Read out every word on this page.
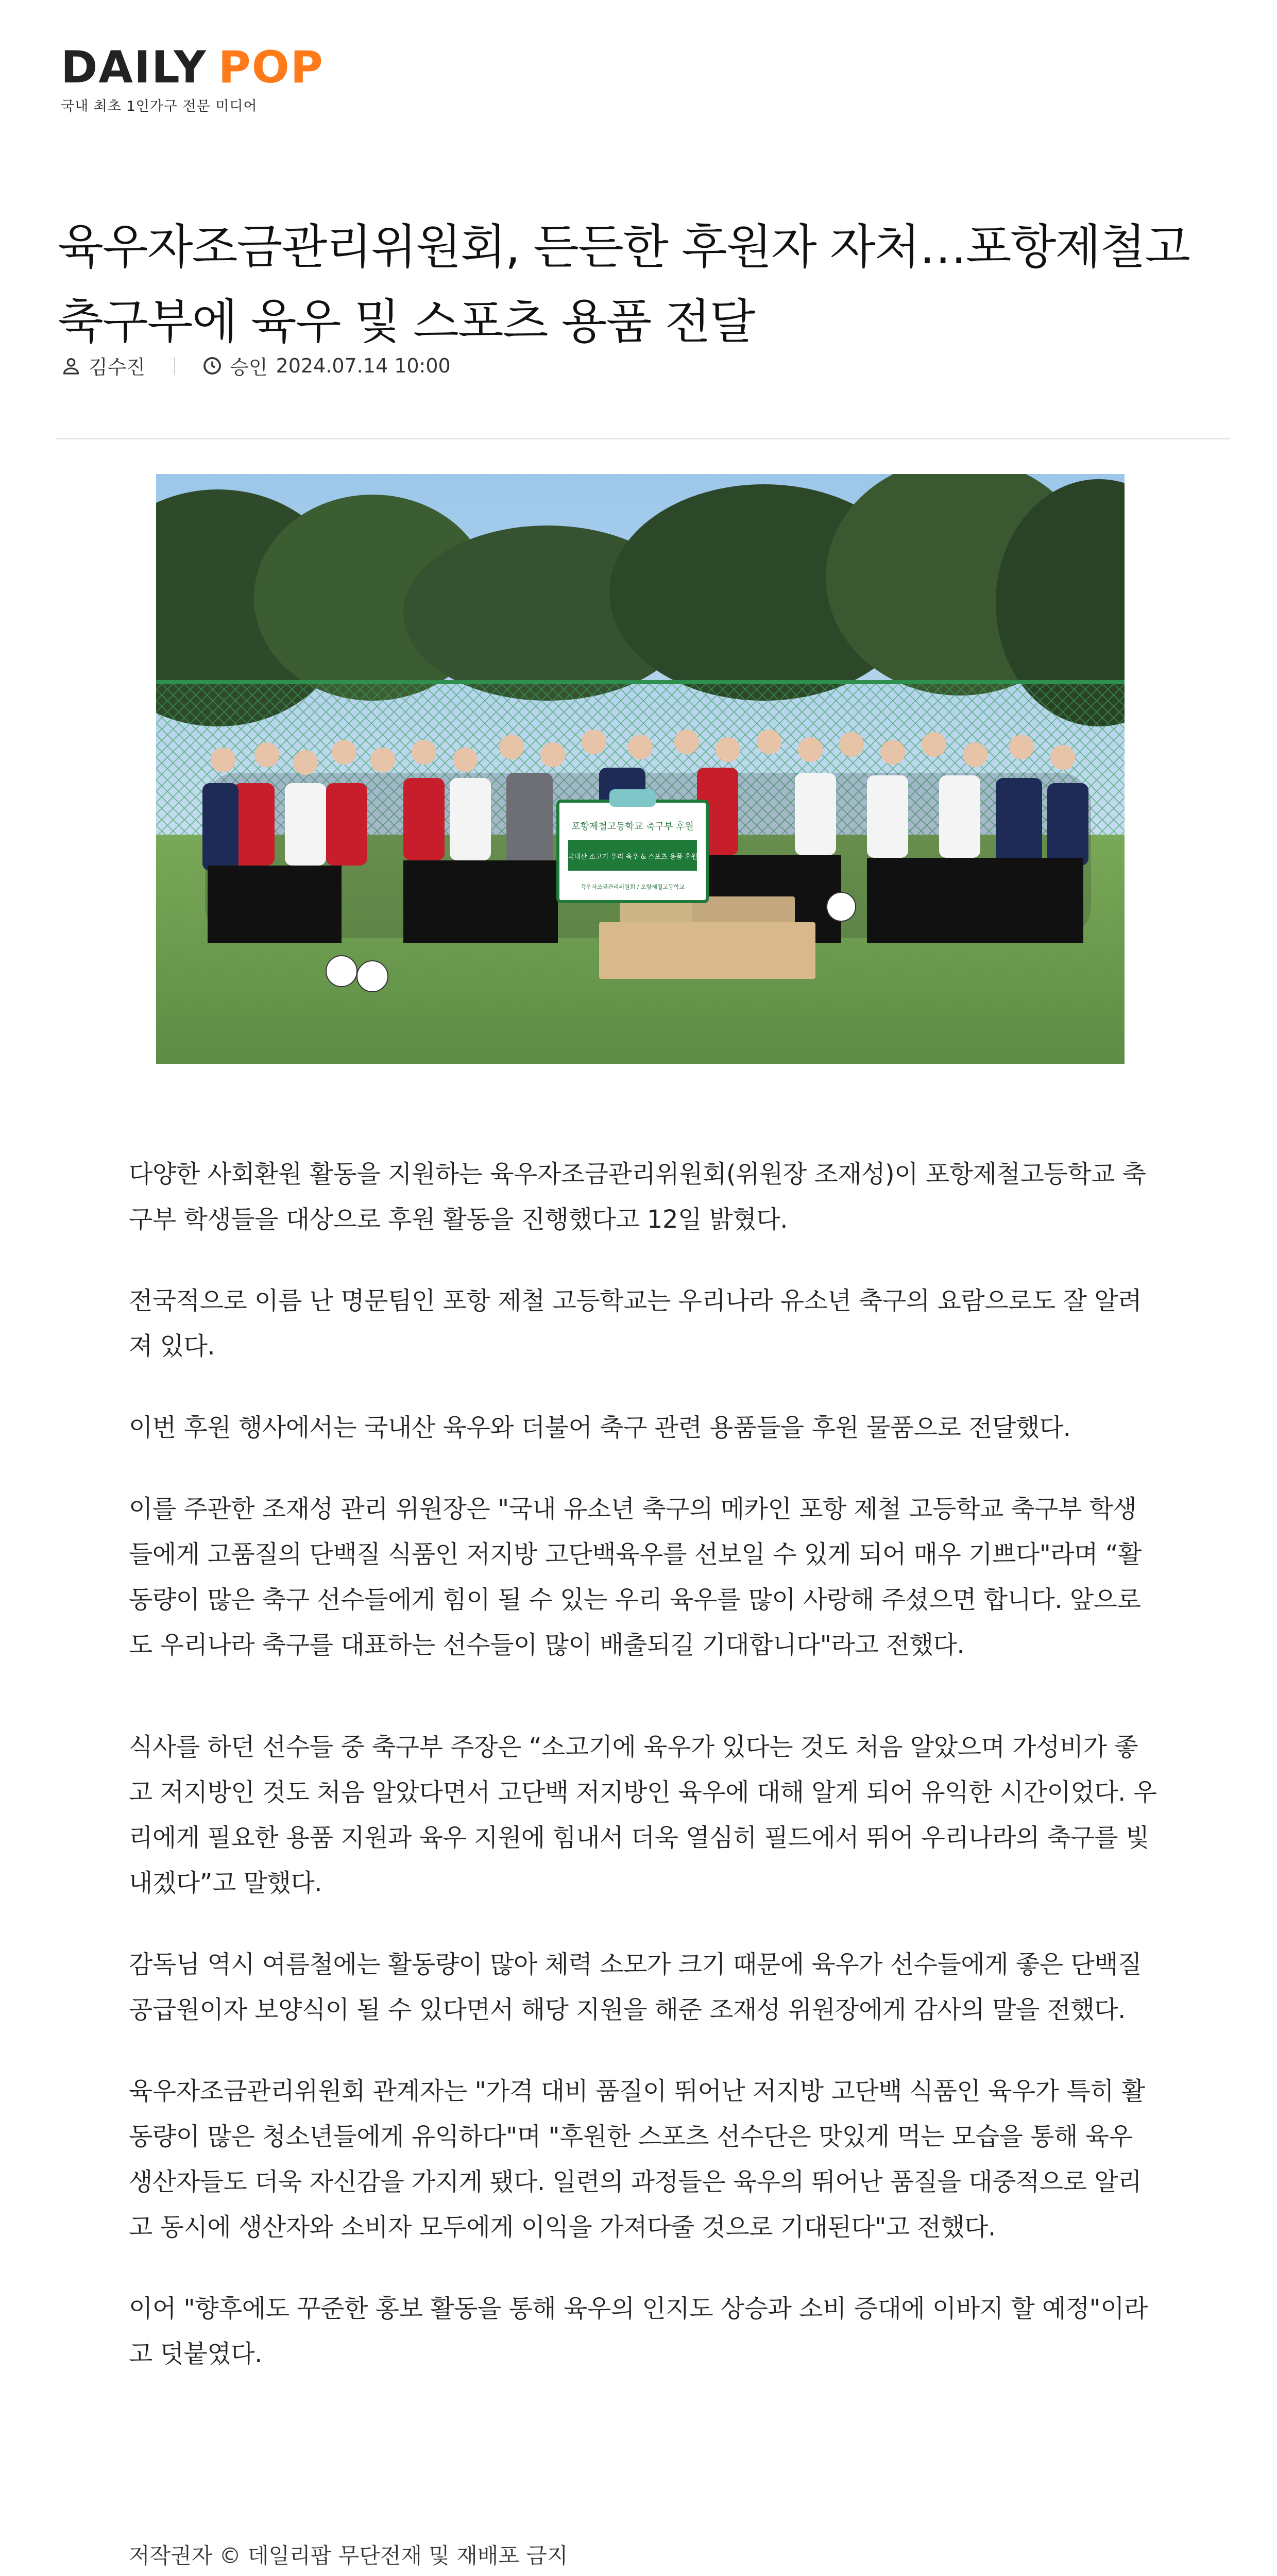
DAILY POP
국내 최초 1인가구 전문 미디어
육우자조금관리위원회, 든든한 후원자 자처…포항제철고 축구부에 육우 및 스포츠 용품 전달
김수진	승인 2024.07.14 10:00
포항제철고등학교 축구부 후원
국내산 소고기 우리 육우 & 스포츠 용품 후원
육우자조금관리위원회 / 포항제철고등학교

다양한 사회환원 활동을 지원하는 육우자조금관리위원회(위원장 조재성)이 포항제철고등학교 축구부 학생들을 대상으로 후원 활동을 진행했다고 12일 밝혔다.

전국적으로 이름 난 명문팀인 포항 제철 고등학교는 우리나라 유소년 축구의 요람으로도 잘 알려져 있다.

이번 후원 행사에서는 국내산 육우와 더불어 축구 관련 용품들을 후원 물품으로 전달했다.

이를 주관한 조재성 관리 위원장은 "국내 유소년 축구의 메카인 포항 제철 고등학교 축구부 학생들에게 고품질의 단백질 식품인 저지방 고단백육우를 선보일 수 있게 되어 매우 기쁘다"라며 “활동량이 많은 축구 선수들에게 힘이 될 수 있는 우리 육우를 많이 사랑해 주셨으면 합니다. 앞으로도 우리나라 축구를 대표하는 선수들이 많이 배출되길 기대합니다"라고 전했다.

식사를 하던 선수들 중 축구부 주장은 “소고기에 육우가 있다는 것도 처음 알았으며 가성비가 좋고 저지방인 것도 처음 알았다면서 고단백 저지방인 육우에 대해 알게 되어 유익한 시간이었다. 우리에게 필요한 용품 지원과 육우 지원에 힘내서 더욱 열심히 필드에서 뛰어 우리나라의 축구를 빛내겠다”고 말했다.

감독님 역시 여름철에는 활동량이 많아 체력 소모가 크기 때문에 육우가 선수들에게 좋은 단백질 공급원이자 보양식이 될 수 있다면서 해당 지원을 해준 조재성 위원장에게 감사의 말을 전했다.

육우자조금관리위원회 관계자는 "가격 대비 품질이 뛰어난 저지방 고단백 식품인 육우가 특히 활동량이 많은 청소년들에게 유익하다"며 "후원한 스포츠 선수단은 맛있게 먹는 모습을 통해 육우 생산자들도 더욱 자신감을 가지게 됐다. 일련의 과정들은 육우의 뛰어난 품질을 대중적으로 알리고 동시에 생산자와 소비자 모두에게 이익을 가져다줄 것으로 기대된다"고 전했다.

이어 "향후에도 꾸준한 홍보 활동을 통해 육우의 인지도 상승과 소비 증대에 이바지 할 예정"이라고 덧붙였다.

저작권자 © 데일리팝 무단전재 및 재배포 금지
